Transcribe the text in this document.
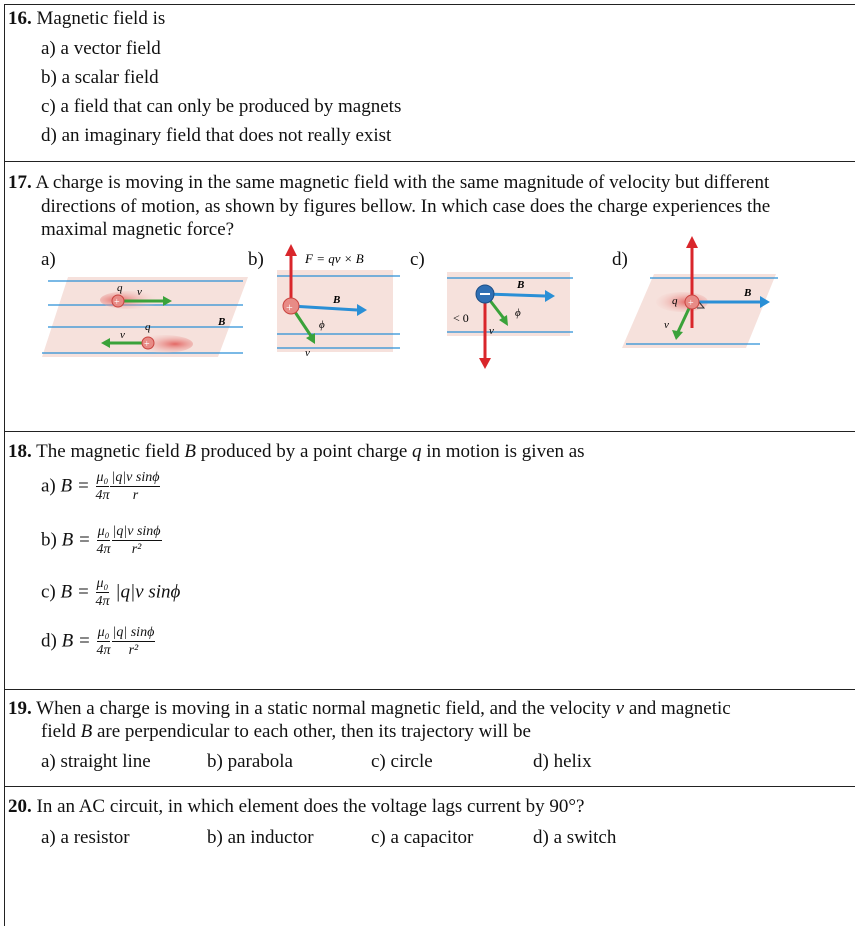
16. Magnetic field is
a) a vector field
b) a scalar field
c) a field that can only be produced by magnets
d) an imaginary field that does not really exist
17. A charge is moving in the same magnetic field with the same magnitude of velocity but different
directions of motion, as shown by figures bellow. In which case does the charge experiences the
maximal magnetic force?
a)	b)	c)	d)
+
+
q v
q
v
B
+
F = qv × B
B
ϕ
v
< 0
B
ϕ
v
+
q
B
v
18. The magnetic field B produced by a point charge q in motion is given as
a) $B = \frac{\text{μ₀}}{4\pi} \frac{\text{|q|v sinϕ}}{r}$
b) $B = \frac{\text{μ₀}}{4\pi} \frac{\text{|q|v sinϕ}}{\text{r²}}$
c) $B = \frac{\text{μ₀}}{4\pi} |q|v$ sinϕ
d) $B = \frac{\text{μ₀}}{4\pi} \frac{|q| \sin\phi}{\text{r²}}$
19. When a charge is moving in a static normal magnetic field, and the velocity v and magnetic
field B are perpendicular to each other, then its trajectory will be
a) straight line	b) parabola	c) circle	d) helix
20. In an AC circuit, in which element does the voltage lags current by 90°?
a) a resistor	b) an inductor	c) a capacitor	d) a switch
